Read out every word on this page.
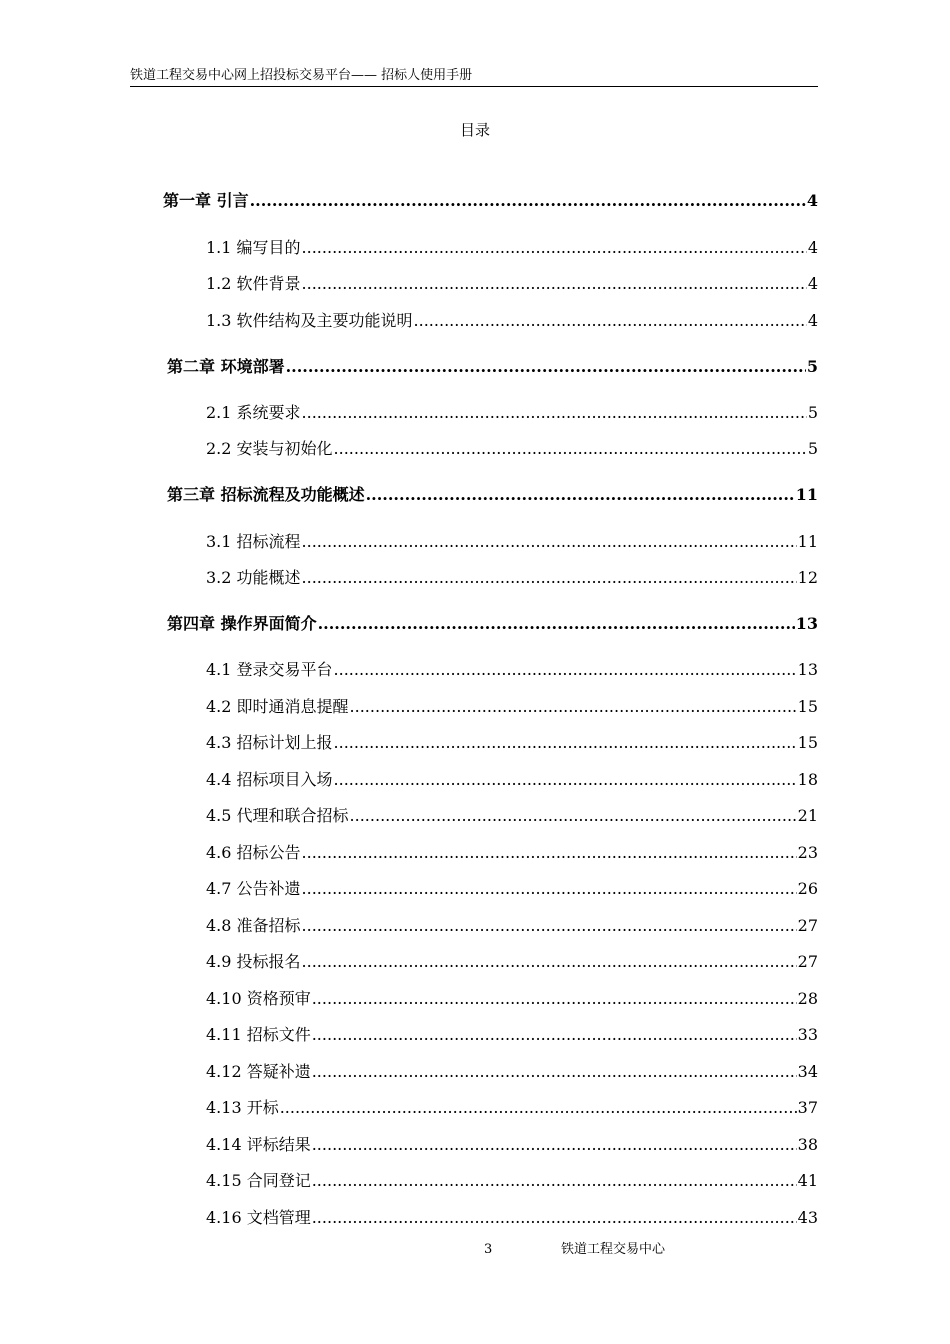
铁道工程交易中心网上招投标交易平台—— 招标人使用手册
目录
第一章 引言 .....	4
1.1 编写目的 .....	4
1.2 软件背景 .....	4
1.3 软件结构及主要功能说明 .....	4
第二章 环境部署 .....	5
2.1 系统要求 .....	5
2.2 安装与初始化 .....	5
第三章 招标流程及功能概述 .....	11
3.1 招标流程 .....	11
3.2 功能概述 .....	12
第四章 操作界面简介 .....	13
4.1 登录交易平台 .....	13
4.2 即时通消息提醒 .....	15
4.3 招标计划上报 .....	15
4.4 招标项目入场 .....	18
4.5 代理和联合招标 .....	21
4.6 招标公告 .....	23
4.7 公告补遗 .....	26
4.8 准备招标 .....	27
4.9 投标报名 .....	27
4.10 资格预审 .....	28
4.11 招标文件 .....	33
4.12 答疑补遗 .....	34
4.13 开标 .....	37
4.14 评标结果 .....	38
4.15 合同登记 .....	41
4.16 文档管理 .....	43
3	铁道工程交易中心
